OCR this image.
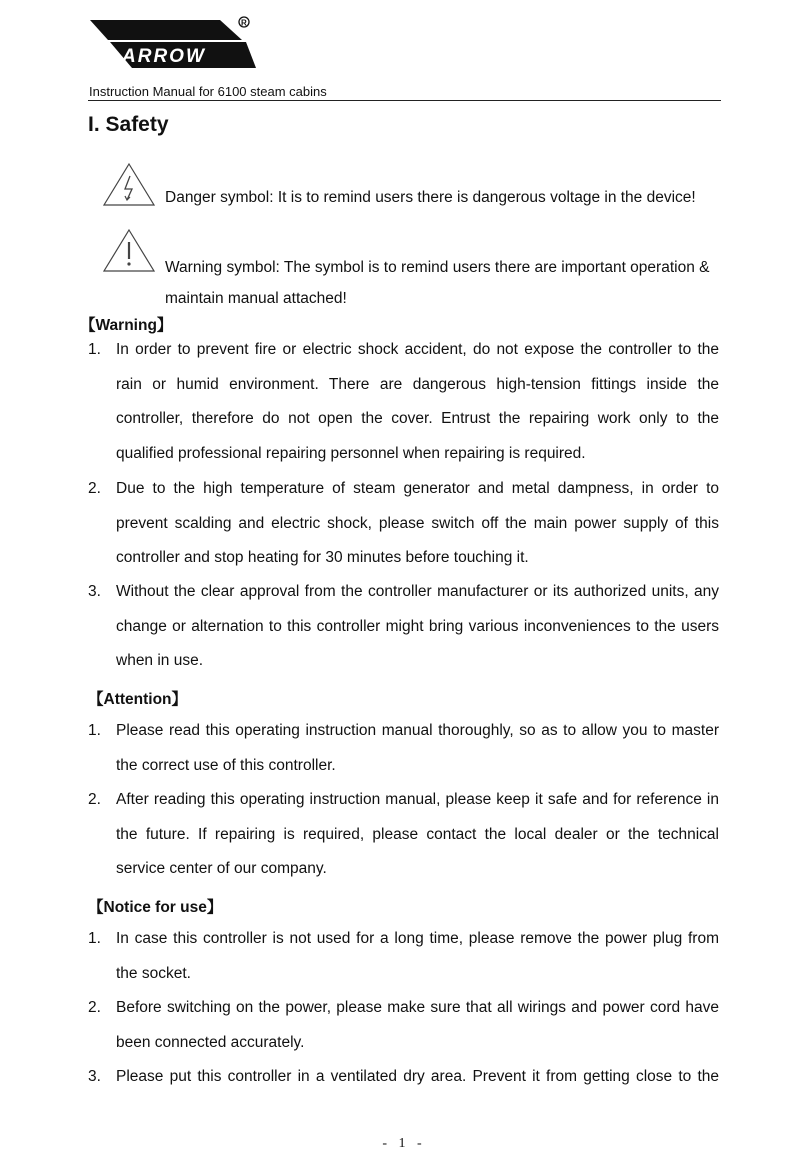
ARROW
R
Instruction Manual for 6100 steam cabins
I. Safety
Danger symbol: It is to remind users there is dangerous voltage in the device!
Warning symbol: The symbol is to remind users there are important operation &
maintain manual attached!
【Warning】
1. In order to prevent fire or electric shock accident, do not expose the controller to the
rain or humid environment. There are dangerous high-tension fittings inside the
controller, therefore do not open the cover. Entrust the repairing work only to the
qualified professional repairing personnel when repairing is required.
2. Due to the high temperature of steam generator and metal dampness, in order to
prevent scalding and electric shock, please switch off the main power supply of this
controller and stop heating for 30 minutes before touching it.
3. Without the clear approval from the controller manufacturer or its authorized units, any
change or alternation to this controller might bring various inconveniences to the users
when in use.
【Attention】
1. Please read this operating instruction manual thoroughly, so as to allow you to master
the correct use of this controller.
2. After reading this operating instruction manual, please keep it safe and for reference in
the future. If repairing is required, please contact the local dealer or the technical
service center of our company.
【Notice for use】
1. In case this controller is not used for a long time, please remove the power plug from
the socket.
2. Before switching on the power, please make sure that all wirings and power cord have
been connected accurately.
3. Please put this controller in a ventilated dry area. Prevent it from getting close to the
- 1 -
